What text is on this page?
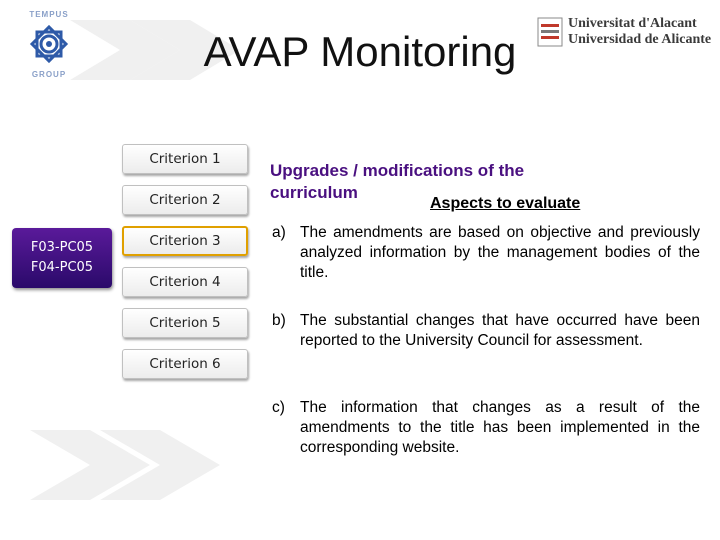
TEMPUS
GROUP
Universitat d'Alacant
Universidad de Alicante
AVAP Monitoring
Criterion 1
Criterion 2
Criterion 3
Criterion 4
Criterion 5
Criterion 6
F03-PC05
F04-PC05
Upgrades / modifications of the
curriculum
Aspects to evaluate
a) The amendments are based on objective and previously analyzed information by the management bodies of the title.
b) The substantial changes that have occurred have been reported to the University Council for assessment.
c) The information that changes as a result of the amendments to the title has been implemented in the corresponding website.
